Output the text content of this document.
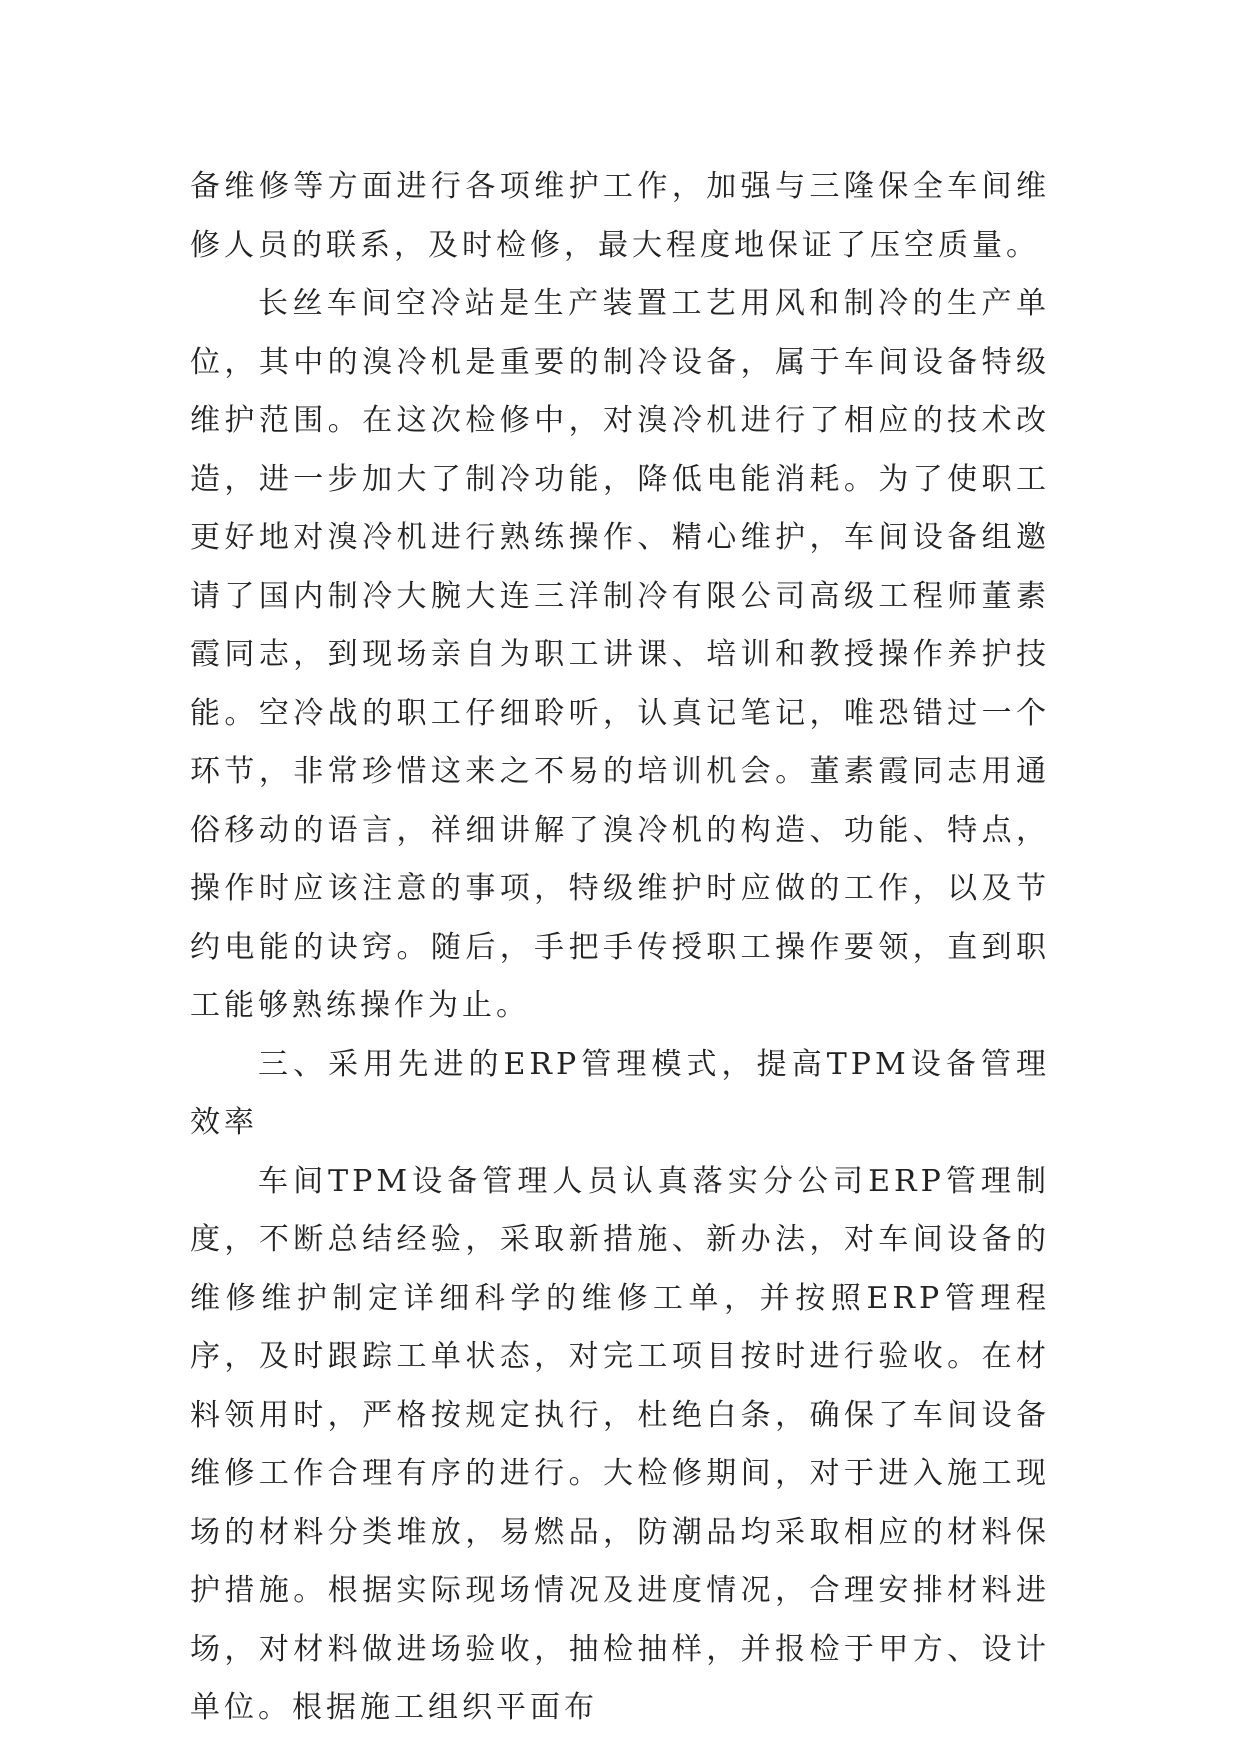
备维修等方面进行各项维护工作，加强与三隆保全车间维修人员的联系，及时检修，最大程度地保证了压空质量。

长丝车间空冷站是生产装置工艺用风和制冷的生产单位，其中的溴冷机是重要的制冷设备，属于车间设备特级维护范围。在这次检修中，对溴冷机进行了相应的技术改造，进一步加大了制冷功能，降低电能消耗。为了使职工更好地对溴冷机进行熟练操作、精心维护，车间设备组邀请了国内制冷大腕大连三洋制冷有限公司高级工程师董素霞同志，到现场亲自为职工讲课、培训和教授操作养护技能。空冷战的职工仔细聆听，认真记笔记，唯恐错过一个环节，非常珍惜这来之不易的培训机会。董素霞同志用通俗移动的语言，祥细讲解了溴冷机的构造、功能、特点，操作时应该注意的事项，特级维护时应做的工作，以及节约电能的诀窍。随后，手把手传授职工操作要领，直到职工能够熟练操作为止。

三、采用先进的ERP管理模式，提高TPM设备管理效率

车间TPM设备管理人员认真落实分公司ERP管理制度，不断总结经验，采取新措施、新办法，对车间设备的维修维护制定详细科学的维修工单，并按照ERP管理程序，及时跟踪工单状态，对完工项目按时进行验收。在材料领用时，严格按规定执行，杜绝白条，确保了车间设备维修工作合理有序的进行。大检修期间，对于进入施工现场的材料分类堆放，易燃品，防潮品均采取相应的材料保护措施。根据实际现场情况及进度情况，合理安排材料进场，对材料做进场验收，抽检抽样，并报检于甲方、设计单位。根据施工组织平面布
